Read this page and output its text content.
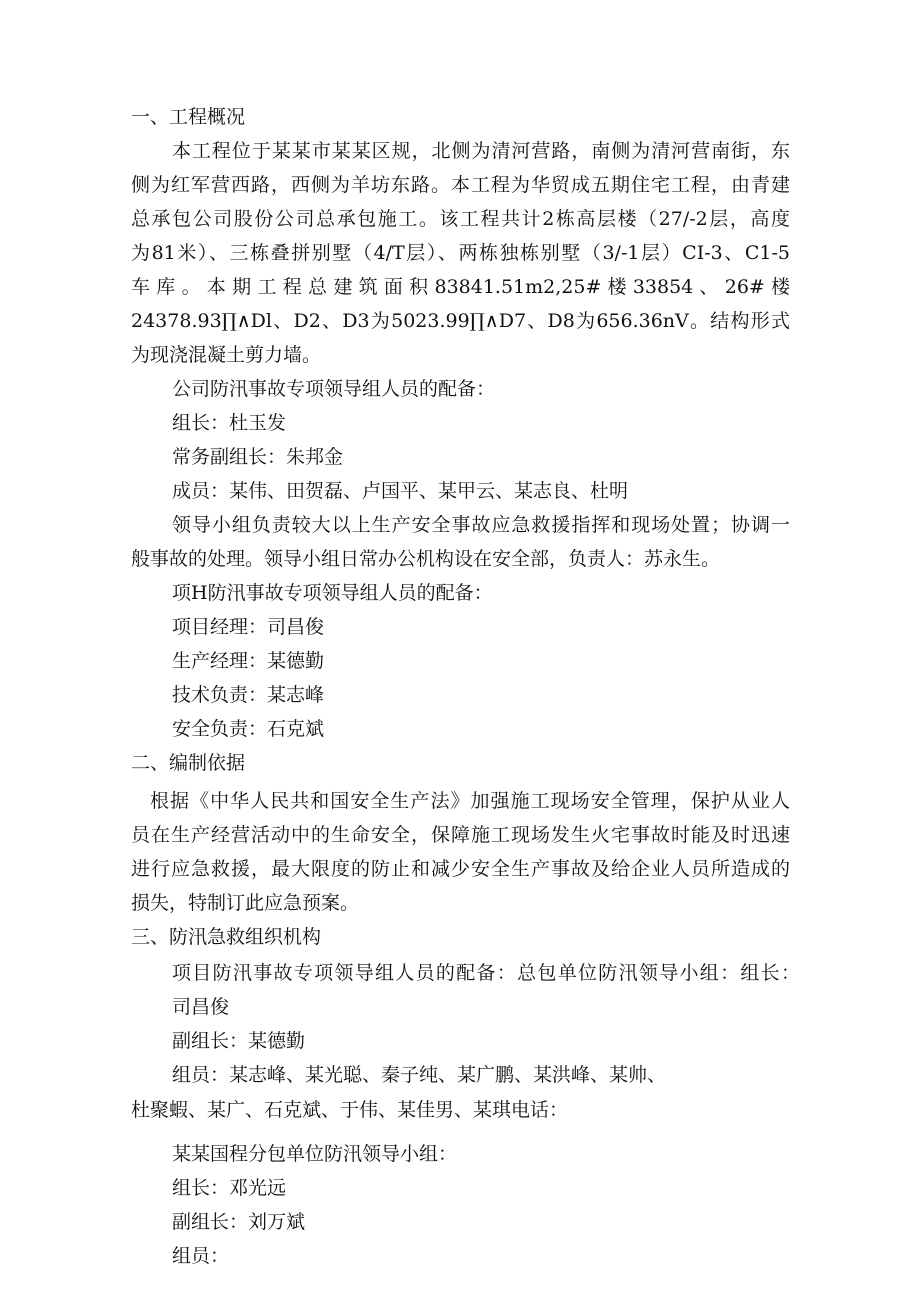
一、工程概况
本工程位于某某市某某区规，北侧为清河营路，南侧为清河营南街，东
侧为红军营西路，西侧为羊坊东路。本工程为华贸成五期住宅工程，由青建
总承包公司股份公司总承包施工。该工程共计2栋高层楼（27/-2层，高度
为81米）、三栋叠拼别墅（4/T层）、两栋独栋别墅（3/-1层）CI-3、C1-5
车 库 。 本 期 工 程 总 建 筑 面 积 83841.51m2,25# 楼 33854 、 26# 楼
24378.93∏∧Dl、D2、D3为5023.99∏∧D7、D8为656.36nV。结构形式
为现浇混凝土剪力墙。
公司防汛事故专项领导组人员的配备：
组长：杜玉发
常务副组长：朱邦金
成员：某伟、田贺磊、卢国平、某甲云、某志良、杜明
领导小组负责较大以上生产安全事故应急救援指挥和现场处置；协调一
般事故的处理。领导小组日常办公机构设在安全部，负责人：苏永生。
项H防汛事故专项领导组人员的配备：
项目经理：司昌俊
生产经理：某德勤
技术负责：某志峰
安全负责：石克斌
二、编制依据
根据《中华人民共和国安全生产法》加强施工现场安全管理，保护从业人
员在生产经营活动中的生命安全，保障施工现场发生火宅事故时能及时迅速
进行应急救援，最大限度的防止和减少安全生产事故及给企业人员所造成的
损失，特制订此应急预案。
三、防汛急救组织机构
项目防汛事故专项领导组人员的配备：总包单位防汛领导小组：组长：
司昌俊
副组长：某德勤
组员：某志峰、某光聪、秦子纯、某广鹏、某洪峰、某帅、
杜聚蝦、某广、石克斌、于伟、某佳男、某琪电话：
某某国程分包单位防汛领导小组：
组长：邓光远
副组长：刘万斌
组员：
